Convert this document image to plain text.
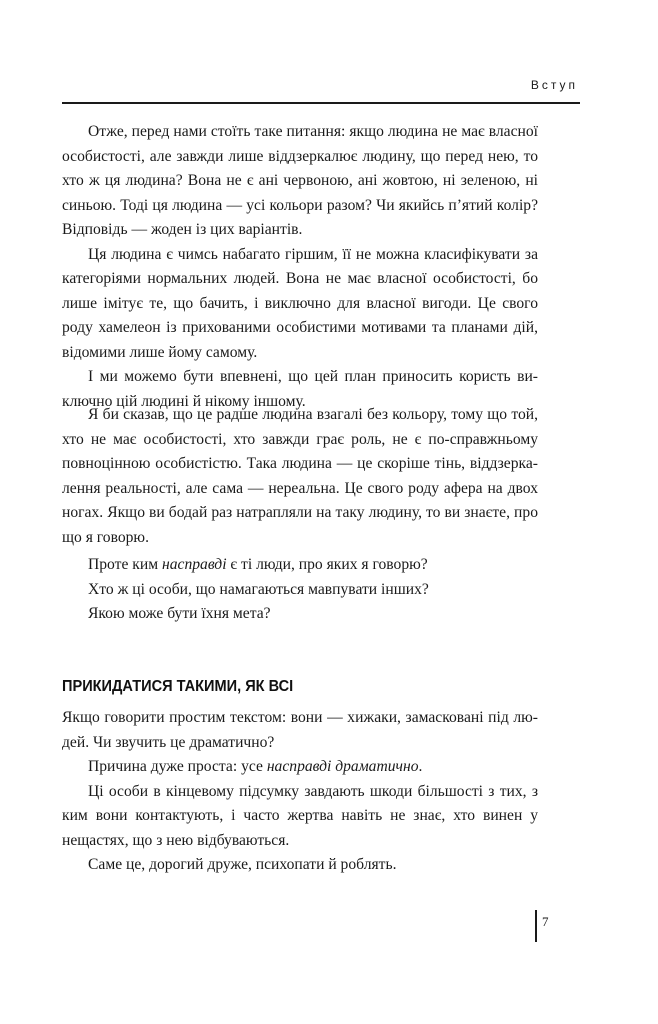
Вступ

Отже, перед нами стоїть таке питання: якщо людина не має власної особистості, але завжди лише віддзеркалює людину, що перед нею, то хто ж ця людина? Вона не є ані червоною, ані жовтою, ні зеленою, ні синьою. Тоді ця людина — усі кольори разом? Чи якийсь п’ятий колір? Відповідь — жоден із цих варіантів.

Ця людина є чимсь набагато гіршим, її не можна класифікувати за категоріями нормальних людей. Вона не має власної особистості, бо лише імітує те, що бачить, і виключно для власної вигоди. Це свого роду хамелеон із прихованими особистими мотивами та планами дій, відомими лише йому самому.

І ми можемо бути впевнені, що цей план приносить користь виключно цій людині й нікому іншому.

Я би сказав, що це радше людина взагалі без кольору, тому що той, хто не має особистості, хто завжди грає роль, не є по-справжньому повноцінною особистістю. Така людина — це скоріше тінь, віддзеркалення реальності, але сама — нереальна. Це свого роду афера на двох ногах. Якщо ви бодай раз натрапляли на таку людину, то ви знаєте, про що я говорю.

Проте ким насправді є ті люди, про яких я говорю?

Хто ж ці особи, що намагаються мавпувати інших?

Якою може бути їхня мета?

ПРИКИДАТИСЯ ТАКИМИ, ЯК ВСІ

Якщо говорити простим текстом: вони — хижаки, замасковані під людей. Чи звучить це драматично?

Причина дуже проста: усе насправді драматично.

Ці особи в кінцевому підсумку завдають шкоди більшості з тих, з ким вони контактують, і часто жертва навіть не знає, хто винен у нещастях, що з нею відбуваються.

Саме це, дорогий друже, психопати й роблять.

7
